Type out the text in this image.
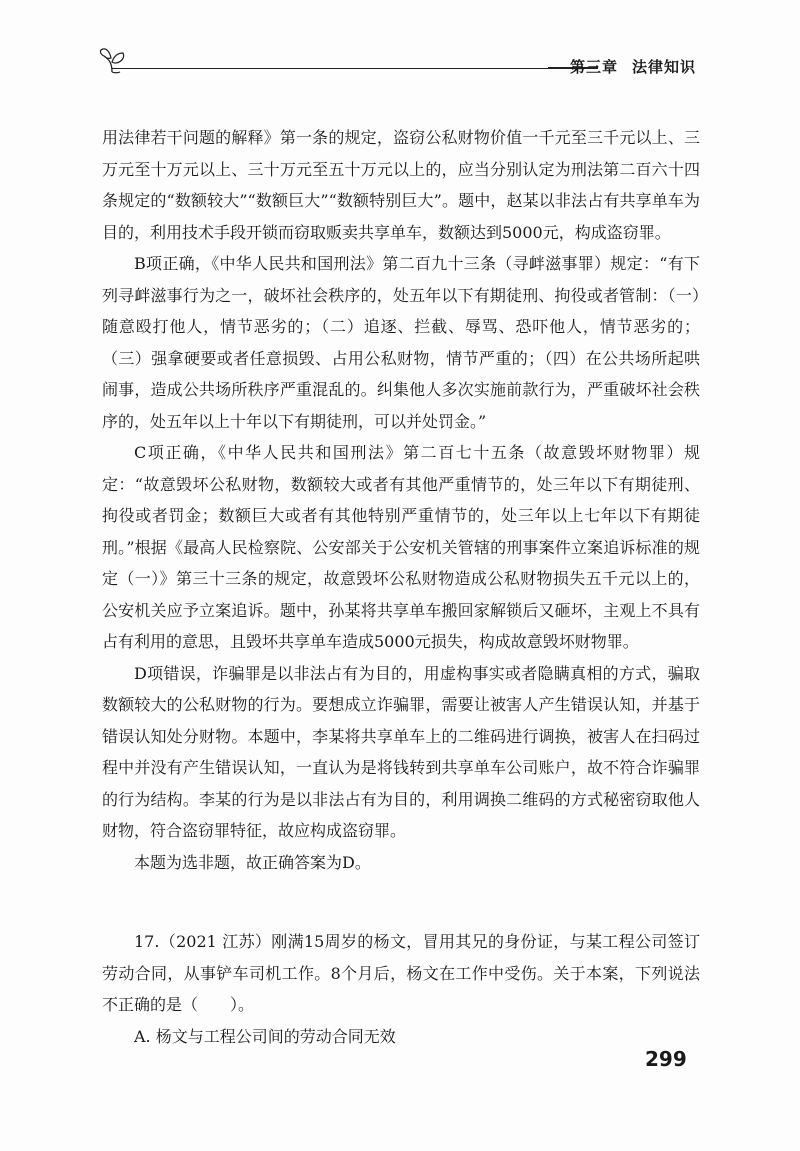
第三章 法律知识

用法律若干问题的解释》第一条的规定，盗窃公私财物价值一千元至三千元以上、三万元至十万元以上、三十万元至五十万元以上的，应当分别认定为刑法第二百六十四条规定的“数额较大”“数额巨大”“数额特别巨大”。题中，赵某以非法占有共享单车为目的，利用技术手段开锁而窃取贩卖共享单车，数额达到5000元，构成盗窃罪。

B项正确，《中华人民共和国刑法》第二百九十三条（寻衅滋事罪）规定：“有下列寻衅滋事行为之一，破坏社会秩序的，处五年以下有期徒刑、拘役或者管制：（一）随意殴打他人，情节恶劣的；（二）追逐、拦截、辱骂、恐吓他人，情节恶劣的；（三）强拿硬要或者任意损毁、占用公私财物，情节严重的；（四）在公共场所起哄闹事，造成公共场所秩序严重混乱的。纠集他人多次实施前款行为，严重破坏社会秩序的，处五年以上十年以下有期徒刑，可以并处罚金。”

C项正确，《中华人民共和国刑法》第二百七十五条（故意毁坏财物罪）规定：“故意毁坏公私财物，数额较大或者有其他严重情节的，处三年以下有期徒刑、拘役或者罚金；数额巨大或者有其他特别严重情节的，处三年以上七年以下有期徒刑。”根据《最高人民检察院、公安部关于公安机关管辖的刑事案件立案追诉标准的规定（一）》第三十三条的规定，故意毁坏公私财物造成公私财物损失五千元以上的，公安机关应予立案追诉。题中，孙某将共享单车搬回家解锁后又砸坏，主观上不具有占有利用的意思，且毁坏共享单车造成5000元损失，构成故意毁坏财物罪。

D项错误，诈骗罪是以非法占有为目的，用虚构事实或者隐瞒真相的方式，骗取数额较大的公私财物的行为。要想成立诈骗罪，需要让被害人产生错误认知，并基于错误认知处分财物。本题中，李某将共享单车上的二维码进行调换，被害人在扫码过程中并没有产生错误认知，一直认为是将钱转到共享单车公司账户，故不符合诈骗罪的行为结构。李某的行为是以非法占有为目的，利用调换二维码的方式秘密窃取他人财物，符合盗窃罪特征，故应构成盗窃罪。

本题为选非题，故正确答案为D。

17.（2021 江苏）刚满15周岁的杨文，冒用其兄的身份证，与某工程公司签订劳动合同，从事铲车司机工作。8个月后，杨文在工作中受伤。关于本案，下列说法不正确的是（　　）。

A. 杨文与工程公司间的劳动合同无效

299
